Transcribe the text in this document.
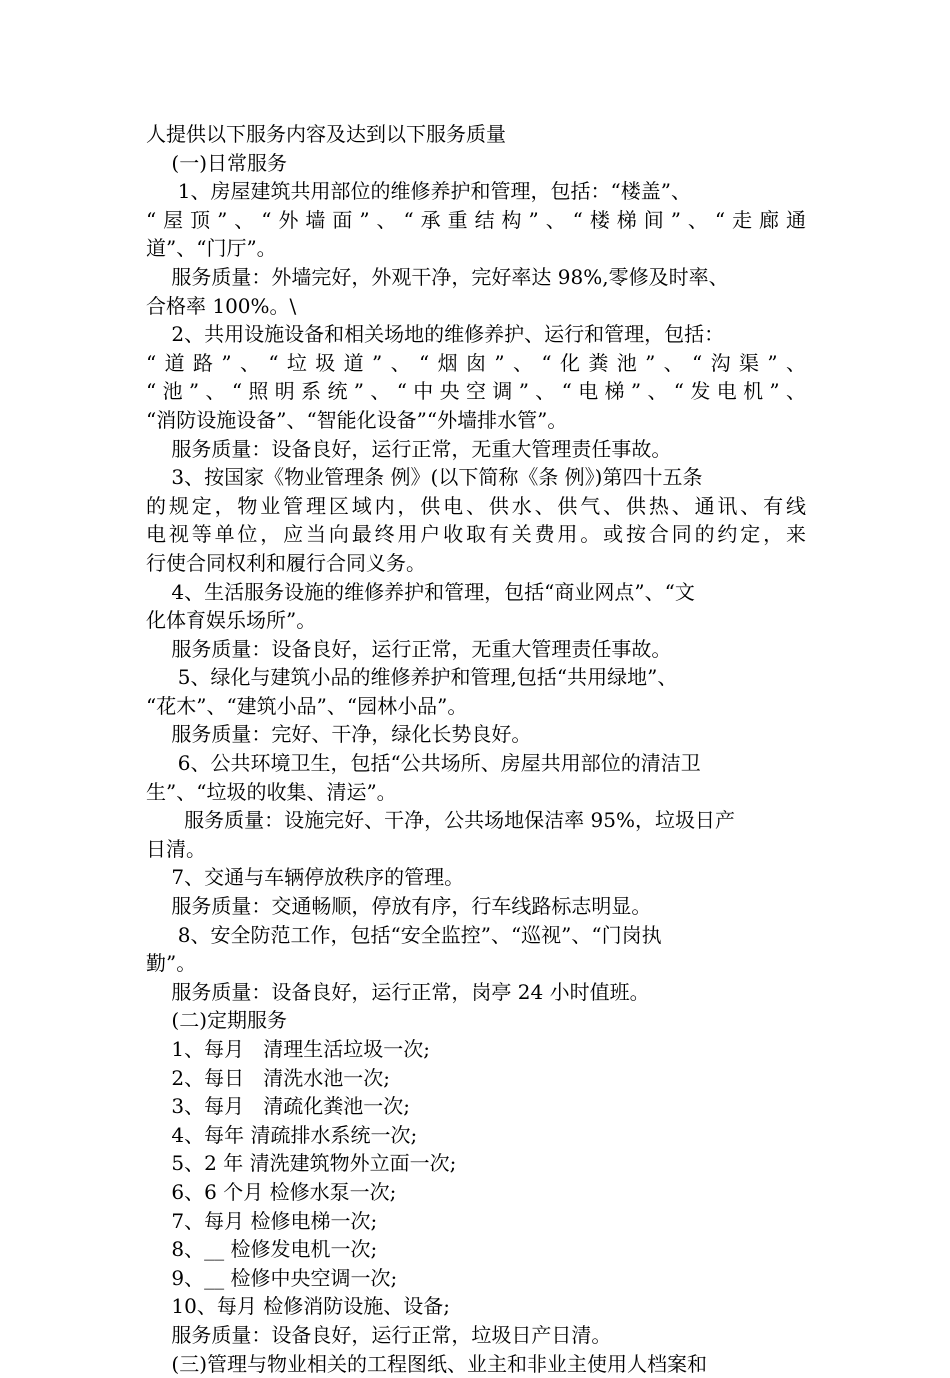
人提供以下服务内容及达到以下服务质量
(一)日常服务
1、房屋建筑共用部位的维修养护和管理，包括：“楼盖”、
“屋顶”、“外墙面”、“承重结构”、“楼梯间”、“走廊通
道”、“门厅”。
服务质量：外墙完好，外观干净，完好率达 98%,零修及时率、
合格率 100%。\
2、共用设施设备和相关场地的维修养护、运行和管理，包括：
“道路”、“垃圾道”、“烟囱”、“化粪池”、“沟渠”、
“池”、“照明系统”、“中央空调”、“电梯”、“发电机”、
“消防设施设备”、“智能化设备”“外墙排水管”。
服务质量：设备良好，运行正常，无重大管理责任事故。
3、按国家《物业管理条 例》(以下简称《条 例》)第四十五条
的规定，物业管理区域内，供电、供水、供气、供热、通讯、有线
电视等单位，应当向最终用户收取有关费用。或按合同的约定，来
行使合同权利和履行合同义务。
4、生活服务设施的维修养护和管理，包括“商业网点”、“文
化体育娱乐场所”。
服务质量：设备良好，运行正常，无重大管理责任事故。
5、绿化与建筑小品的维修养护和管理,包括“共用绿地”、
“花木”、“建筑小品”、“园林小品”。
服务质量：完好、干净，绿化长势良好。
6、公共环境卫生，包括“公共场所、房屋共用部位的清洁卫
生”、“垃圾的收集、清运”。
服务质量：设施完好、干净，公共场地保洁率 95%，垃圾日产
日清。
7、交通与车辆停放秩序的管理。
服务质量：交通畅顺，停放有序，行车线路标志明显。
8、安全防范工作，包括“安全监控”、“巡视”、“门岗执
勤”。
服务质量：设备良好，运行正常，岗亭 24 小时值班。
(二)定期服务
1、每月   清理生活垃圾一次;
2、每日   清洗水池一次;
3、每月   清疏化粪池一次;
4、每年 清疏排水系统一次;
5、2 年 清洗建筑物外立面一次;
6、6 个月 检修水泵一次;
7、每月 检修电梯一次;
8、__ 检修发电机一次;
9、__ 检修中央空调一次;
10、每月 检修消防设施、设备;
服务质量：设备良好，运行正常，垃圾日产日清。
(三)管理与物业相关的工程图纸、业主和非业主使用人档案和
